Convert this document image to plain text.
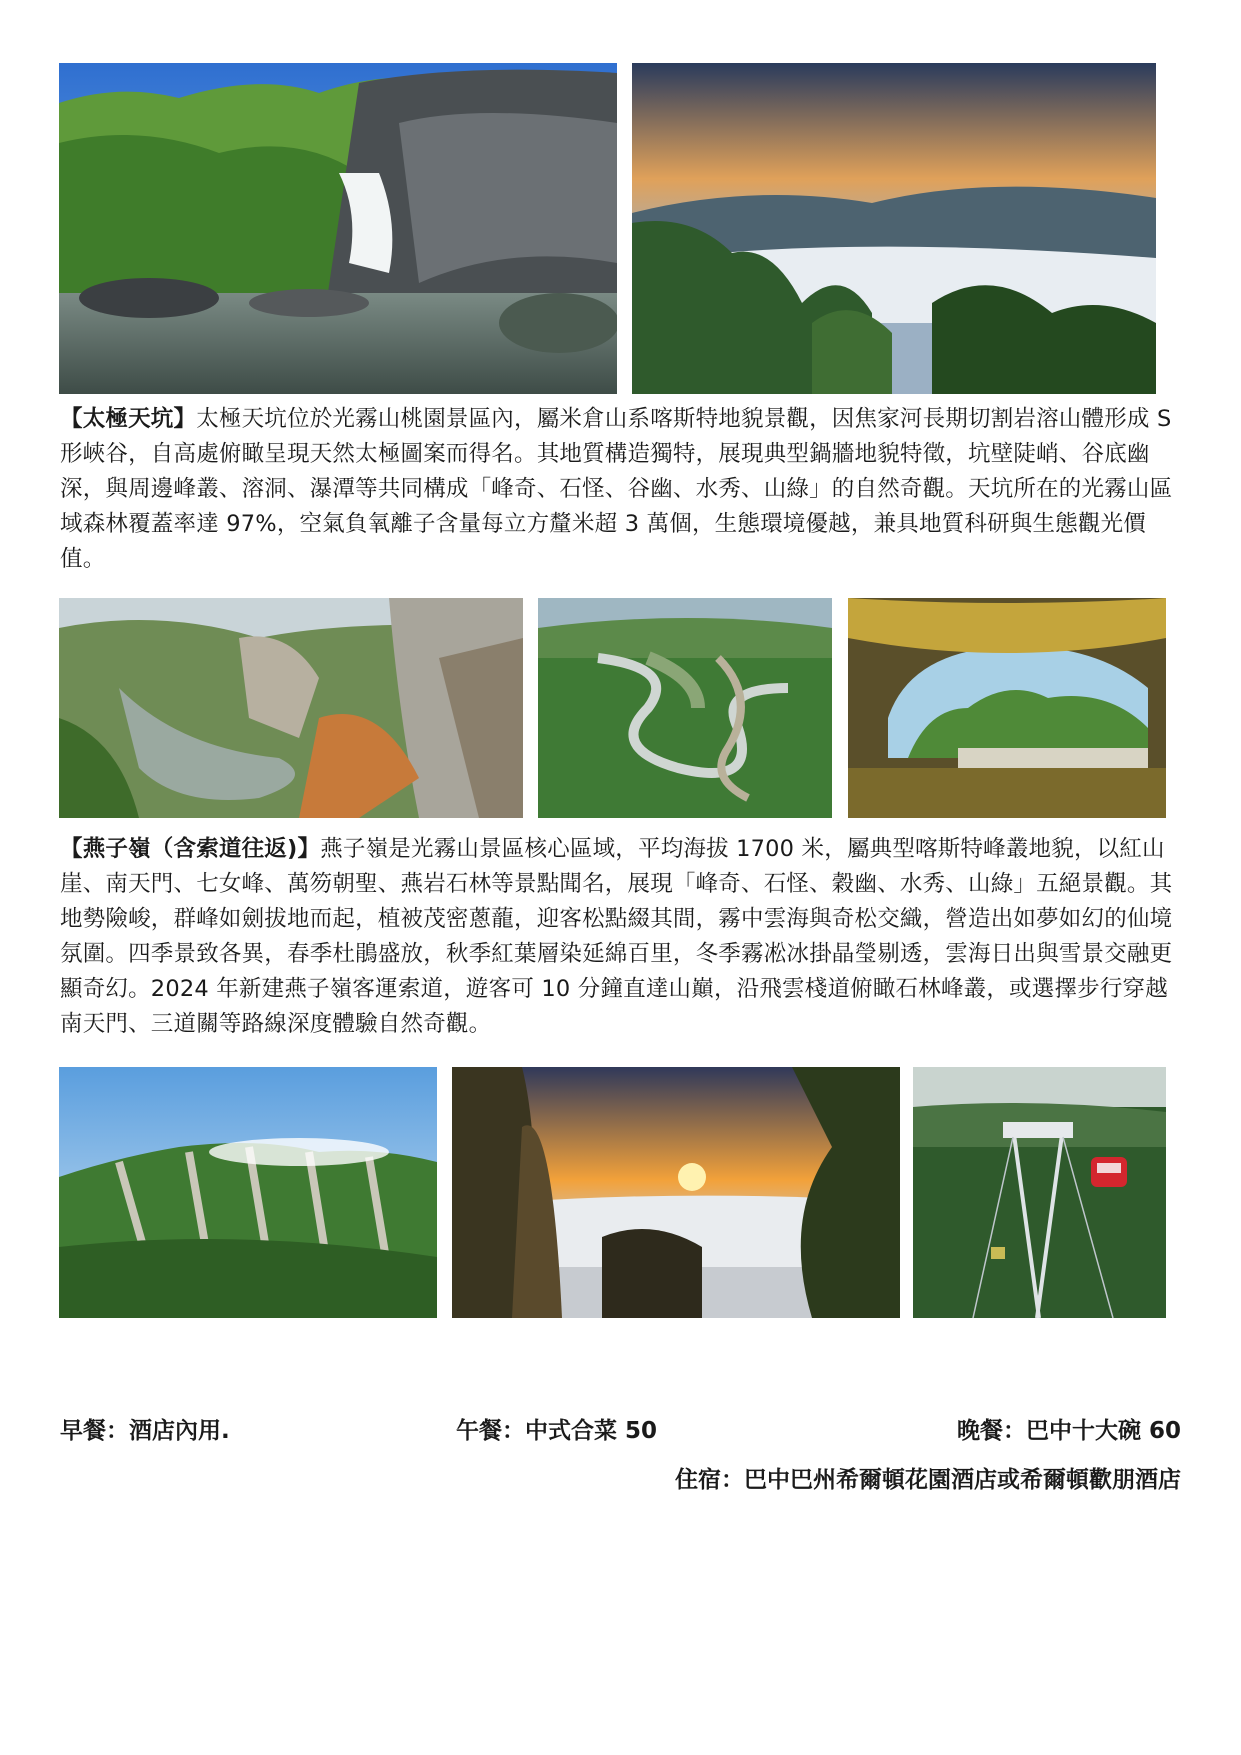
【太極天坑】太極天坑位於光霧山桃園景區內，屬米倉山系喀斯特地貌景觀，因焦家河長期切割岩溶山體形成 S 形峽谷，自高處俯瞰呈現天然太極圖案而得名。其地質構造獨特，展現典型鍋牆地貌特徵，坑壁陡峭、谷底幽深，與周邊峰叢、溶洞、瀑潭等共同構成「峰奇、石怪、谷幽、水秀、山綠」的自然奇觀。天坑所在的光霧山區域森林覆蓋率達 97%，空氣負氧離子含量每立方釐米超 3 萬個，生態環境優越，兼具地質科研與生態觀光價值。

【燕子嶺（含索道往返)】燕子嶺是光霧山景區核心區域，平均海拔 1700 米，屬典型喀斯特峰叢地貌，以紅山崖、南天門、七女峰、萬笏朝聖、燕岩石林等景點聞名，展現「峰奇、石怪、穀幽、水秀、山綠」五絕景觀。其地勢險峻，群峰如劍拔地而起，植被茂密蔥蘢，迎客松點綴其間，霧中雲海與奇松交織，營造出如夢如幻的仙境氛圍。四季景致各異，春季杜鵑盛放，秋季紅葉層染延綿百里，冬季霧凇冰掛晶瑩剔透，雲海日出與雪景交融更顯奇幻。2024 年新建燕子嶺客運索道，遊客可 10 分鐘直達山巔，沿飛雲棧道俯瞰石林峰叢，或選擇步行穿越南天門、三道關等路線深度體驗自然奇觀。

早餐：酒店內用.	午餐：中式合菜 50	晚餐：巴中十大碗 60
住宿：巴中巴州希爾頓花園酒店或希爾頓歡朋酒店
